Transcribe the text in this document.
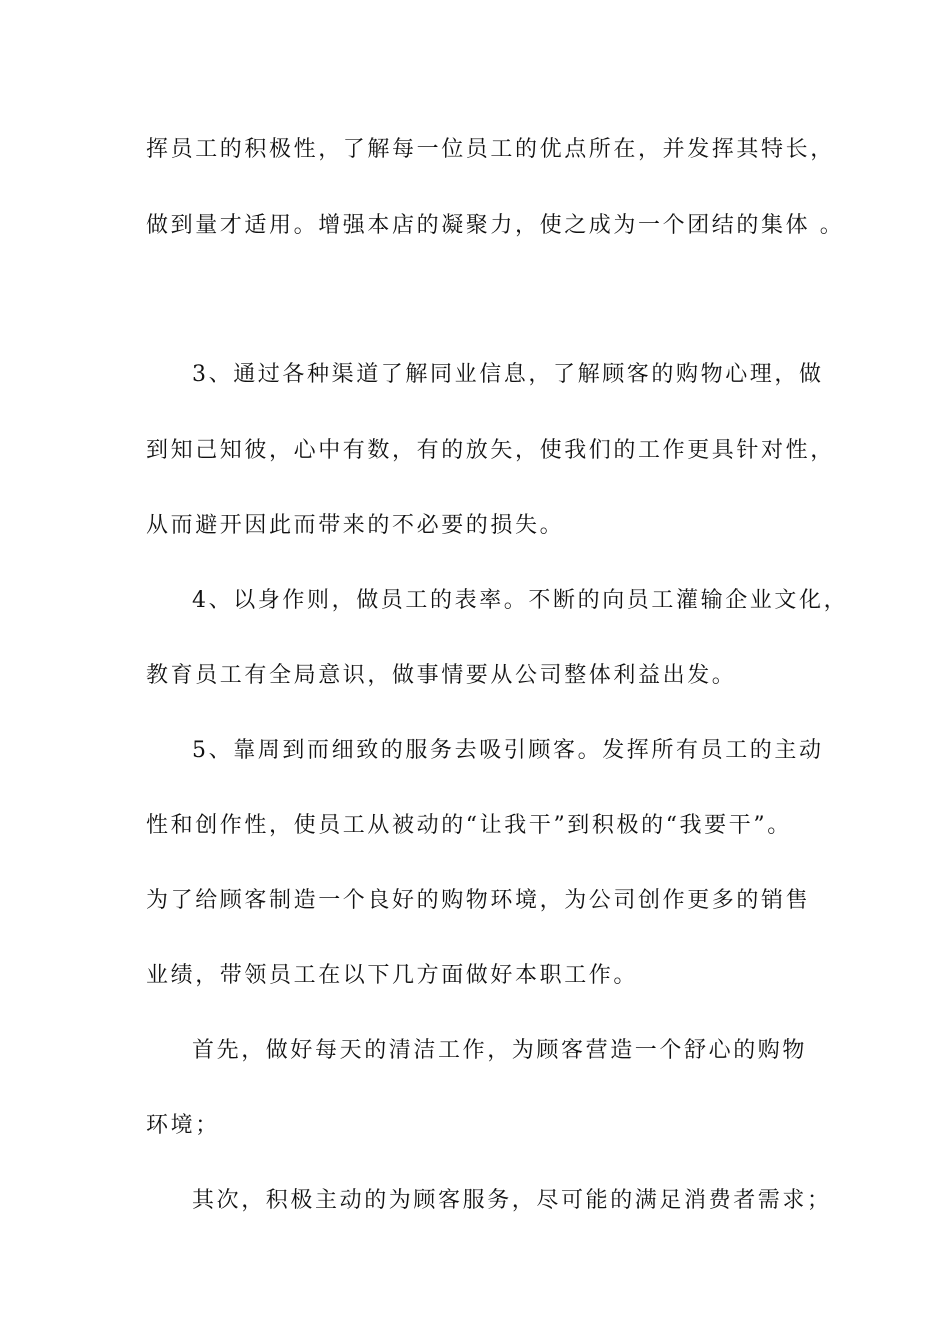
挥员工的积极性，了解每一位员工的优点所在，并发挥其特长，
做到量才适用。增强本店的凝聚力，使之成为一个团结的集体 。
3、通过各种渠道了解同业信息，了解顾客的购物心理，做
到知己知彼，心中有数，有的放矢，使我们的工作更具针对性，
从而避开因此而带来的不必要的损失。
4、以身作则，做员工的表率。不断的向员工灌输企业文化，
教育员工有全局意识，做事情要从公司整体利益出发。
5、靠周到而细致的服务去吸引顾客。发挥所有员工的主动
性和创作性，使员工从被动的“让我干”到积极的“我要干”。
为了给顾客制造一个良好的购物环境，为公司创作更多的销售
业绩，带领员工在以下几方面做好本职工作。
首先，做好每天的清洁工作，为顾客营造一个舒心的购物
环境；
其次，积极主动的为顾客服务，尽可能的满足消费者需求；
